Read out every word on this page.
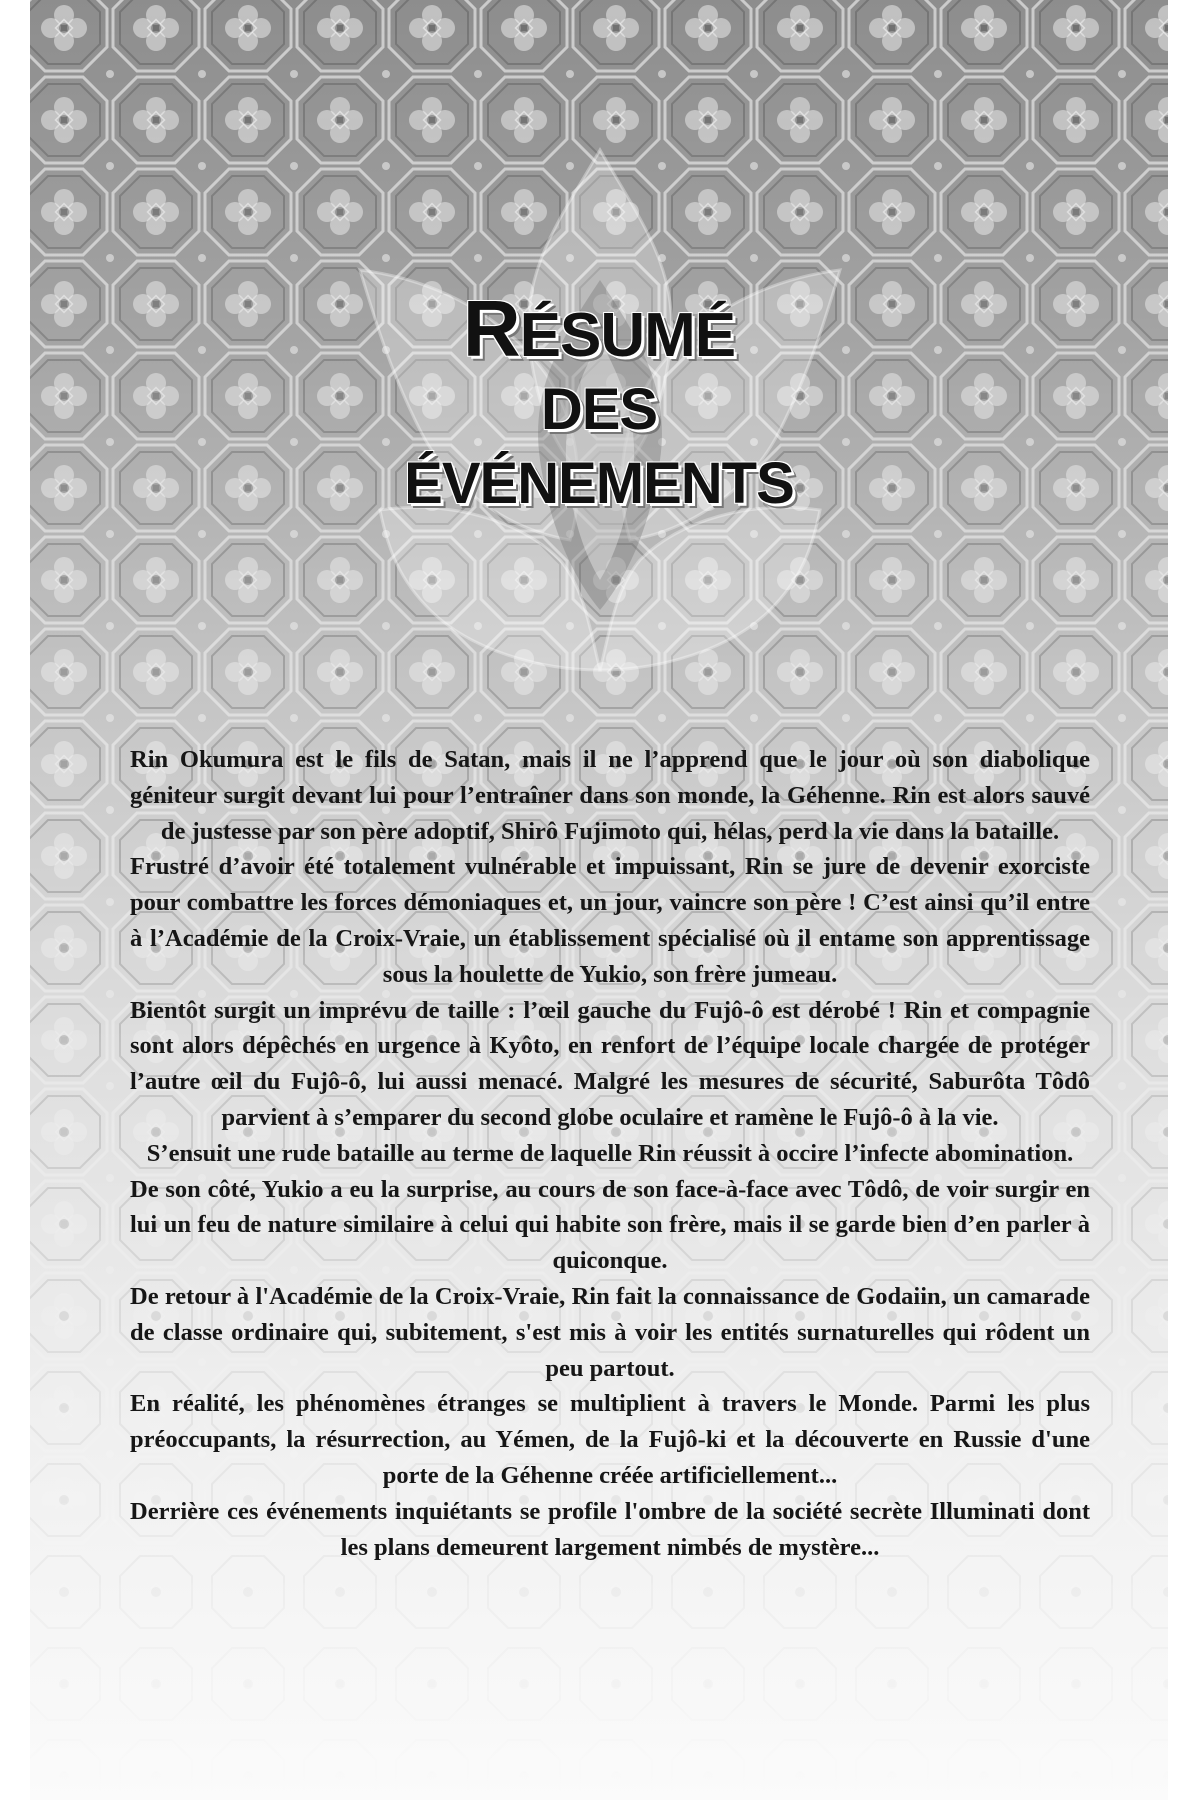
RÉSUMÉ
DES
ÉVÉNEMENTS

Rin Okumura est le fils de Satan, mais il ne l’apprend que le jour où son diabolique géniteur surgit devant lui pour l’entraîner dans son monde, la Géhenne. Rin est alors sauvé de justesse par son père adoptif, Shirô Fujimoto qui, hélas, perd la vie dans la bataille.

Frustré d’avoir été totalement vulnérable et impuissant, Rin se jure de devenir exorciste pour combattre les forces démoniaques et, un jour, vaincre son père ! C’est ainsi qu’il entre à l’Académie de la Croix-Vraie, un établissement spécialisé où il entame son apprentissage sous la houlette de Yukio, son frère jumeau.

Bientôt surgit un imprévu de taille : l’œil gauche du Fujô-ô est dérobé ! Rin et compagnie sont alors dépêchés en urgence à Kyôto, en renfort de l’équipe locale chargée de protéger l’autre œil du Fujô-ô, lui aussi menacé. Malgré les mesures de sécurité, Saburôta Tôdô parvient à s’emparer du second globe oculaire et ramène le Fujô-ô à la vie.

S’ensuit une rude bataille au terme de laquelle Rin réussit à occire l’infecte abomination.

De son côté, Yukio a eu la surprise, au cours de son face-à-face avec Tôdô, de voir surgir en lui un feu de nature similaire à celui qui habite son frère, mais il se garde bien d’en parler à quiconque.

De retour à l'Académie de la Croix-Vraie, Rin fait la connaissance de Godaiin, un camarade de classe ordinaire qui, subitement, s'est mis à voir les entités surnaturelles qui rôdent un peu partout.

En réalité, les phénomènes étranges se multiplient à travers le Monde. Parmi les plus préoccupants, la résurrection, au Yémen, de la Fujô-ki et la découverte en Russie d'une porte de la Géhenne créée artificiellement...

Derrière ces événements inquiétants se profile l'ombre de la société secrète Illuminati dont les plans demeurent largement nimbés de mystère...
